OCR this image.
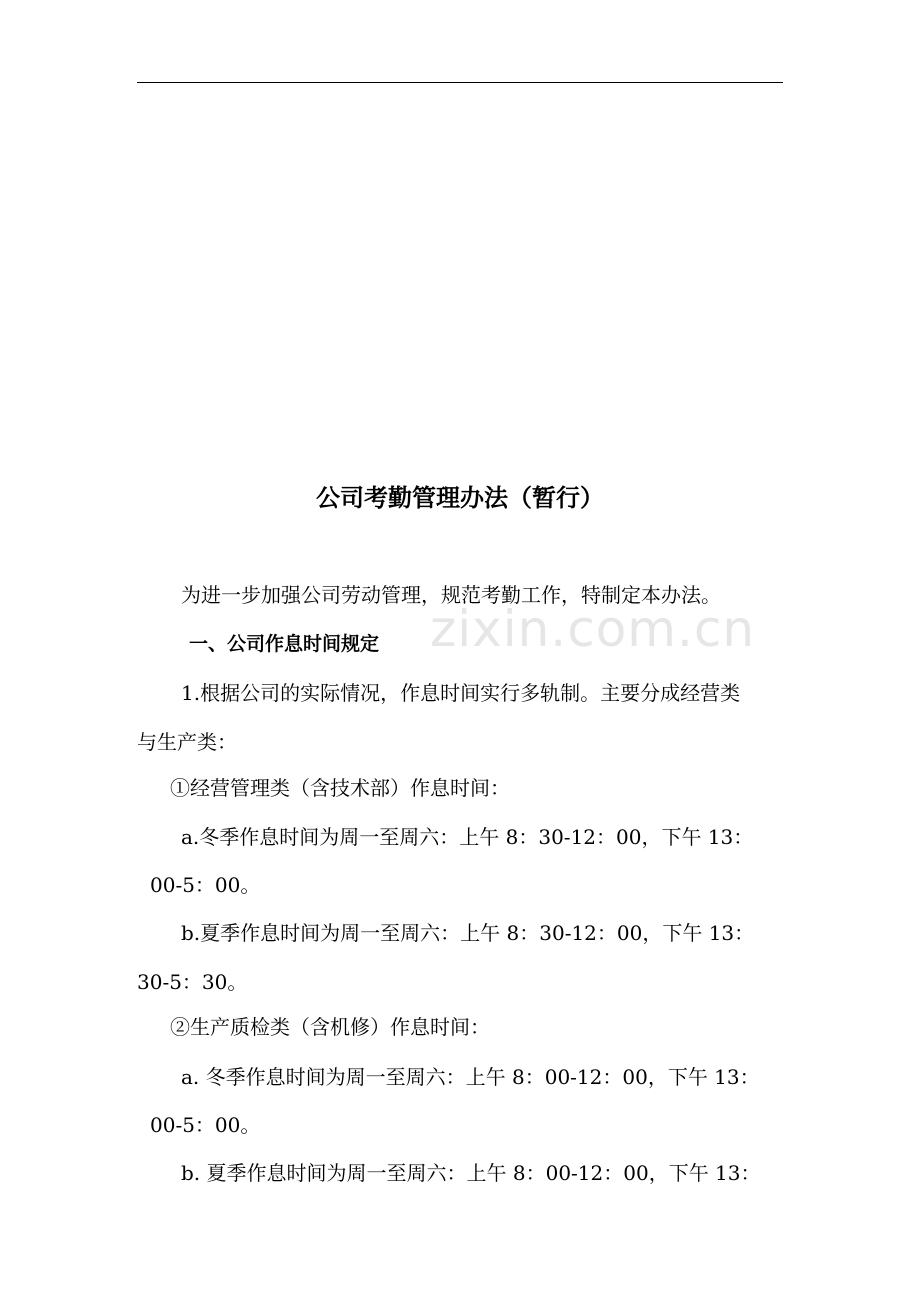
zixin.com.cn
公司考勤管理办法（暂行）
为进一步加强公司劳动管理，规范考勤工作，特制定本办法。
一、公司作息时间规定
1.根据公司的实际情况，作息时间实行多轨制。主要分成经营类
与生产类：
①经营管理类（含技术部）作息时间：
a.冬季作息时间为周一至周六：上午 8：30-12：00，下午 13：
00-5：00。
b.夏季作息时间为周一至周六：上午 8：30-12：00，下午 13：
30-5：30。
②生产质检类（含机修）作息时间：
a. 冬季作息时间为周一至周六：上午 8：00-12：00，下午 13：
00-5：00。
b. 夏季作息时间为周一至周六：上午 8：00-12：00，下午 13：
